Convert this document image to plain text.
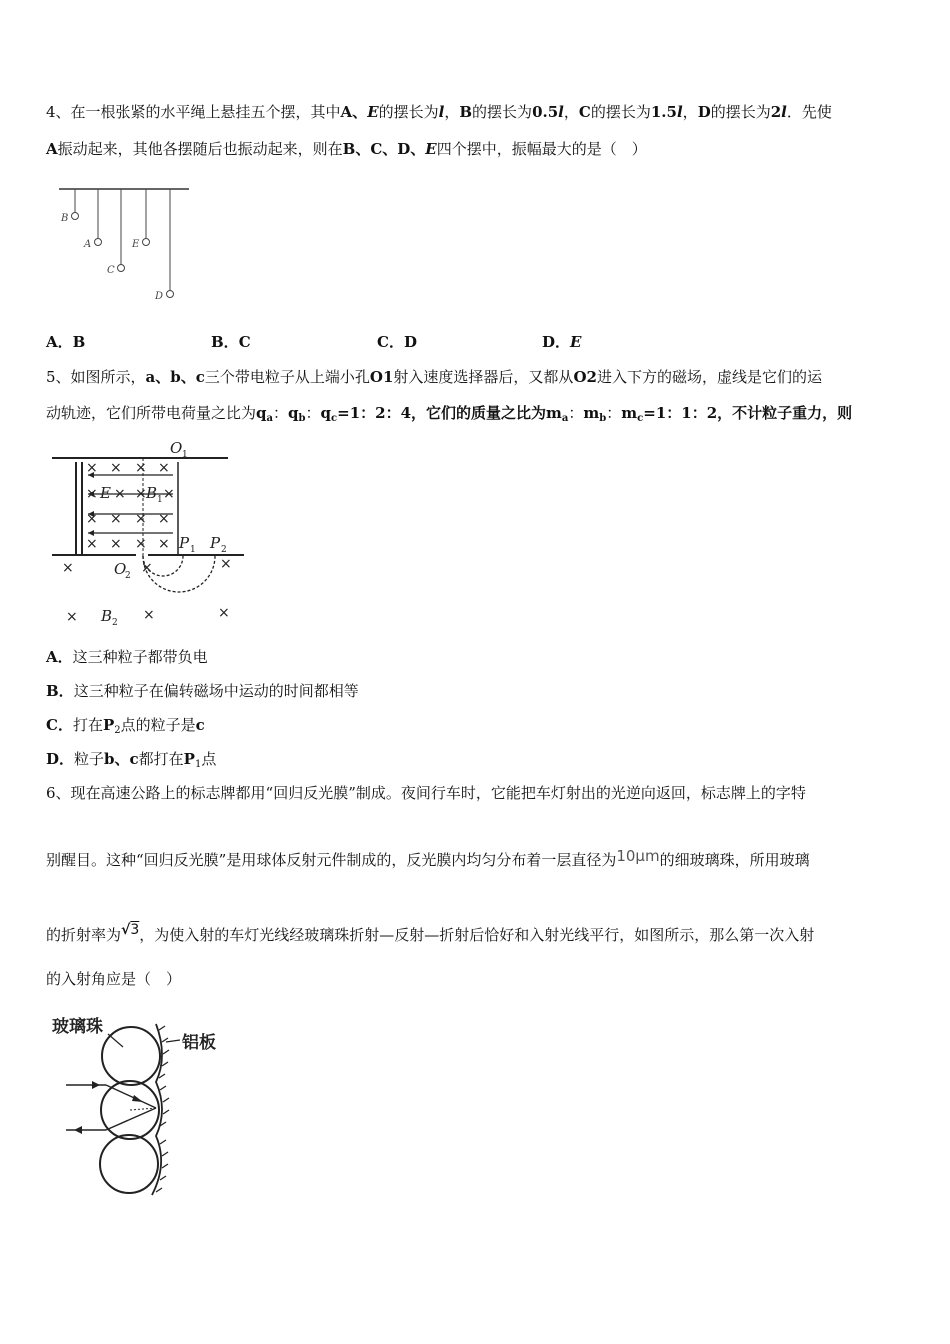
4、在一根张紧的水平绳上悬挂五个摆，其中A、E的摆长为l，B的摆长为0.5l，C的摆长为1.5l，D的摆长为2l．先使
A振动起来，其他各摆随后也振动起来，则在B、C、D、E四个摆中，振幅最大的是（　）
B
A	E
C
D
A．B	B．C	C．D	D．E
5、如图所示，a、b、c三个带电粒子从上端小孔O1射入速度选择器后，又都从O2进入下方的磁场，虚线是它们的运
动轨迹，它们所带电荷量之比为$q_a$：$q_b$：$q_c=1$：2：4，它们的质量之比为$m_a$：$m_b$：$m_c=1$：1：2，不计粒子重力，则
O 1
× × × ×
× × × ×
× × × ×
× × × ×
×	×	×
×	×	×
E B 1
P 1 P 2
O
2
B 2
A．这三种粒子都带负电
B．这三种粒子在偏转磁场中运动的时间都相等
C．打在$P_2$点的粒子是c
D．粒子b、c都打在$P_1$点
6、现在高速公路上的标志牌都用“回归反光膜”制成。夜间行车时，它能把车灯射出的光逆向返回，标志牌上的字特
别醒目。这种“回归反光膜”是用球体反射元件制成的，反光膜内均匀分布着一层直径为10μm的细玻璃珠，所用玻璃
的折射率为√3，为使入射的车灯光线经玻璃珠折射—反射—折射后恰好和入射光线平行，如图所示，那么第一次入射
的入射角应是（　）
玻璃珠
铝板
